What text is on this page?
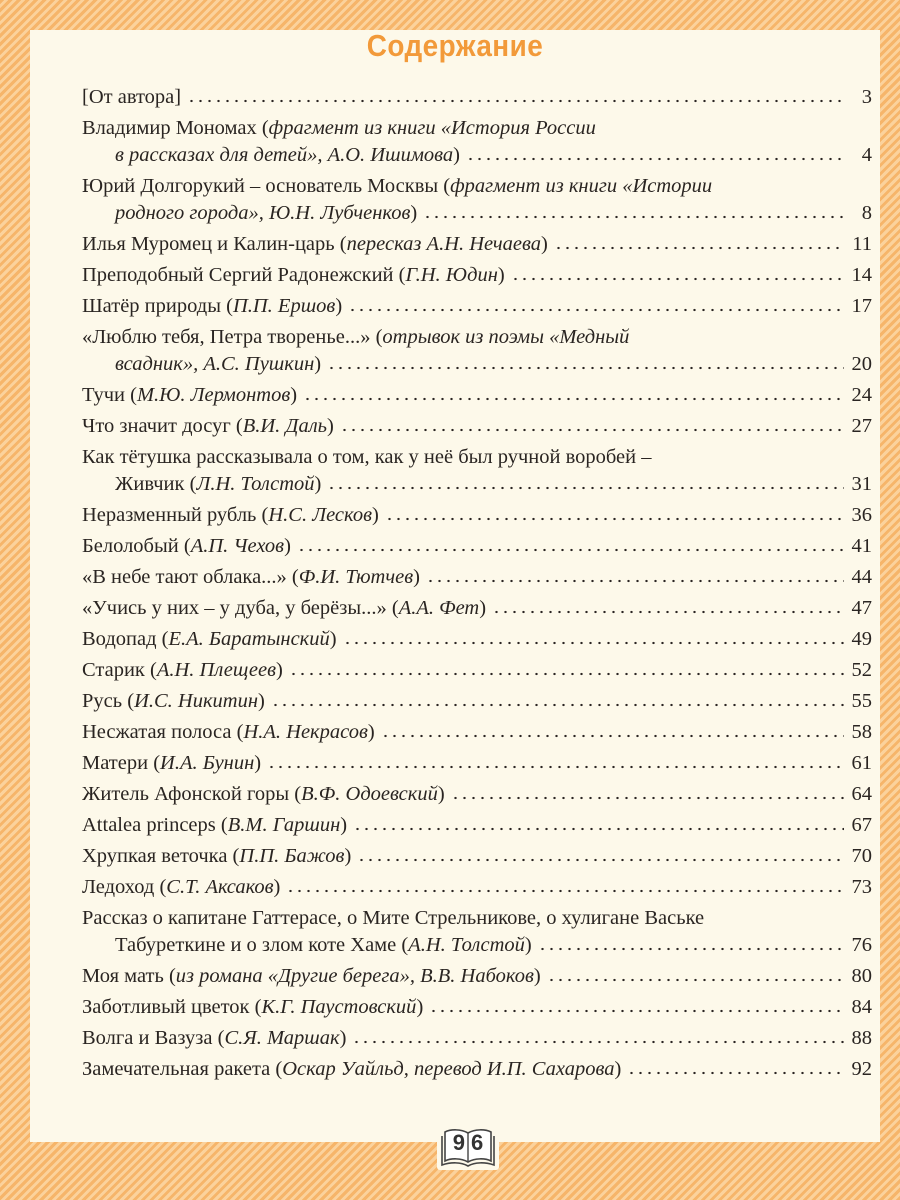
Содержание
[От автора]	3
Владимир Мономах ( фрагмент из книги «История России
в рассказах для детей», А.О. Ишимова )	4
Юрий Долгорукий – основатель Москвы ( фрагмент из книги «Истории
родного города», Ю.Н. Лубченков )	8
Илья Муромец и Калин-царь ( пересказ А.Н. Нечаева )	11
Преподобный Сергий Радонежский ( Г.Н. Юдин )	14
Шатёр природы ( П.П. Ершов )	17
«Люблю тебя, Петра творенье...» ( отрывок из поэмы «Медный
всадник», А.С. Пушкин )	20
Тучи ( М.Ю. Лермонтов )	24
Что значит досуг ( В.И. Даль )	27
Как тётушка рассказывала о том, как у неё был ручной воробей –
Живчик ( Л.Н. Толстой )	31
Неразменный рубль ( Н.С. Лесков )	36
Белолобый ( А.П. Чехов )	41
«В небе тают облака...» ( Ф.И. Тютчев )	44
«Учись у них – у дуба, у берёзы...» ( А.А. Фет )	47
Водопад ( Е.А. Баратынский )	49
Старик ( А.Н. Плещеев )	52
Русь ( И.С. Никитин )	55
Несжатая полоса ( Н.А. Некрасов )	58
Матери ( И.А. Бунин )	61
Житель Афонской горы ( В.Ф. Одоевский )	64
Attalea princeps ( В.М. Гаршин )	67
Хрупкая веточка ( П.П. Бажов )	70
Ледоход ( С.Т. Аксаков )	73
Рассказ о капитане Гаттерасе, о Мите Стрельникове, о хулигане Ваське
Табуреткине и о злом коте Хаме ( А.Н. Толстой )	76
Моя мать ( из романа «Другие берега», В.В. Набоков )	80
Заботливый цветок ( К.Г. Паустовский )	84
Волга и Вазуза ( С.Я. Маршак )	88
Замечательная ракета ( Оскар Уайльд, перевод И.П. Сахарова )	92
96
